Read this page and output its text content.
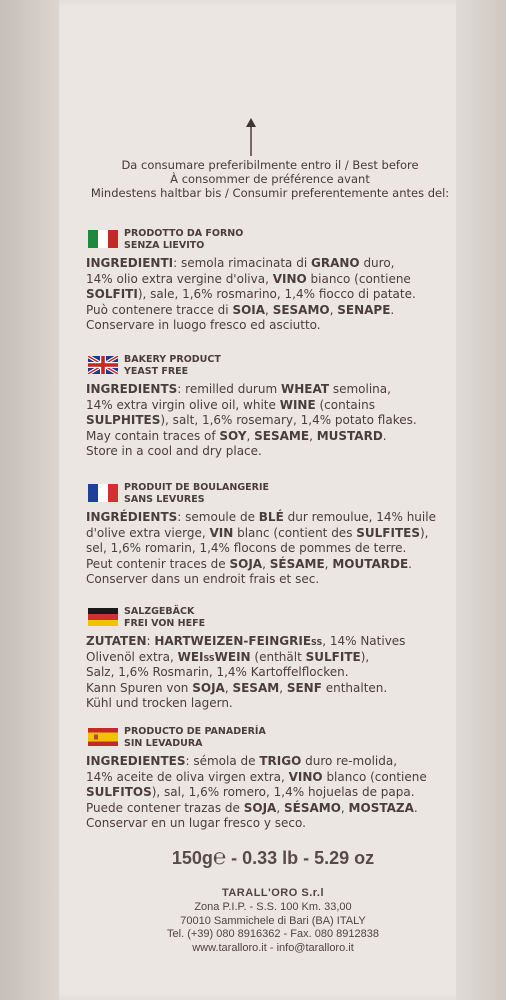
Da consumare preferibilmente entro il / Best before
À consommer de préférence avant
Mindestens haltbar bis / Consumir preferentemente antes del:
PRODOTTO DA FORNO
SENZA LIEVITO
INGREDIENTI: semola rimacinata di GRANO duro,
14% olio extra vergine d'oliva, VINO bianco (contiene
SOLFITI), sale, 1,6% rosmarino, 1,4% fiocco di patate.
Può contenere tracce di SOIA, SESAMO, SENAPE.
Conservare in luogo fresco ed asciutto.
BAKERY PRODUCT
YEAST FREE
INGREDIENTS: remilled durum WHEAT semolina,
14% extra virgin olive oil, white WINE (contains
SULPHITES), salt, 1,6% rosemary, 1,4% potato flakes.
May contain traces of SOY, SESAME, MUSTARD.
Store in a cool and dry place.
PRODUIT DE BOULANGERIE
SANS LEVURES
INGRÉDIENTS: semoule de BLÉ dur remoulue, 14% huile
d'olive extra vierge, VIN blanc (contient des SULFITES),
sel, 1,6% romarin, 1,4% flocons de pommes de terre.
Peut contenir traces de SOJA, SÉSAME, MOUTARDE.
Conserver dans un endroit frais et sec.
SALZGEBÄCK
FREI VON HEFE
ZUTATEN: HARTWEIZEN-FEINGRIEß, 14% Natives
Olivenöl extra, WEIßWEIN (enthält SULFITE),
Salz, 1,6% Rosmarin, 1,4% Kartoffelflocken.
Kann Spuren von SOJA, SESAM, SENF enthalten.
Kühl und trocken lagern.
PRODUCTO DE PANADERÍA
SIN LEVADURA
INGREDIENTES: sémola de TRIGO duro re-molida,
14% aceite de oliva virgen extra, VINO blanco (contiene
SULFITOS), sal, 1,6% romero, 1,4% hojuelas de papa.
Puede contener trazas de SOJA, SÉSAMO, MOSTAZA.
Conservar en un lugar fresco y seco.
150g℮ - 0.33 lb - 5.29 oz
TARALL'ORO S.r.l
Zona P.I.P. - S.S. 100 Km. 33,00
70010 Sammichele di Bari (BA) ITALY
Tel. (+39) 080 8916362 - Fax. 080 8912838
www.taralloro.it - info@taralloro.it
